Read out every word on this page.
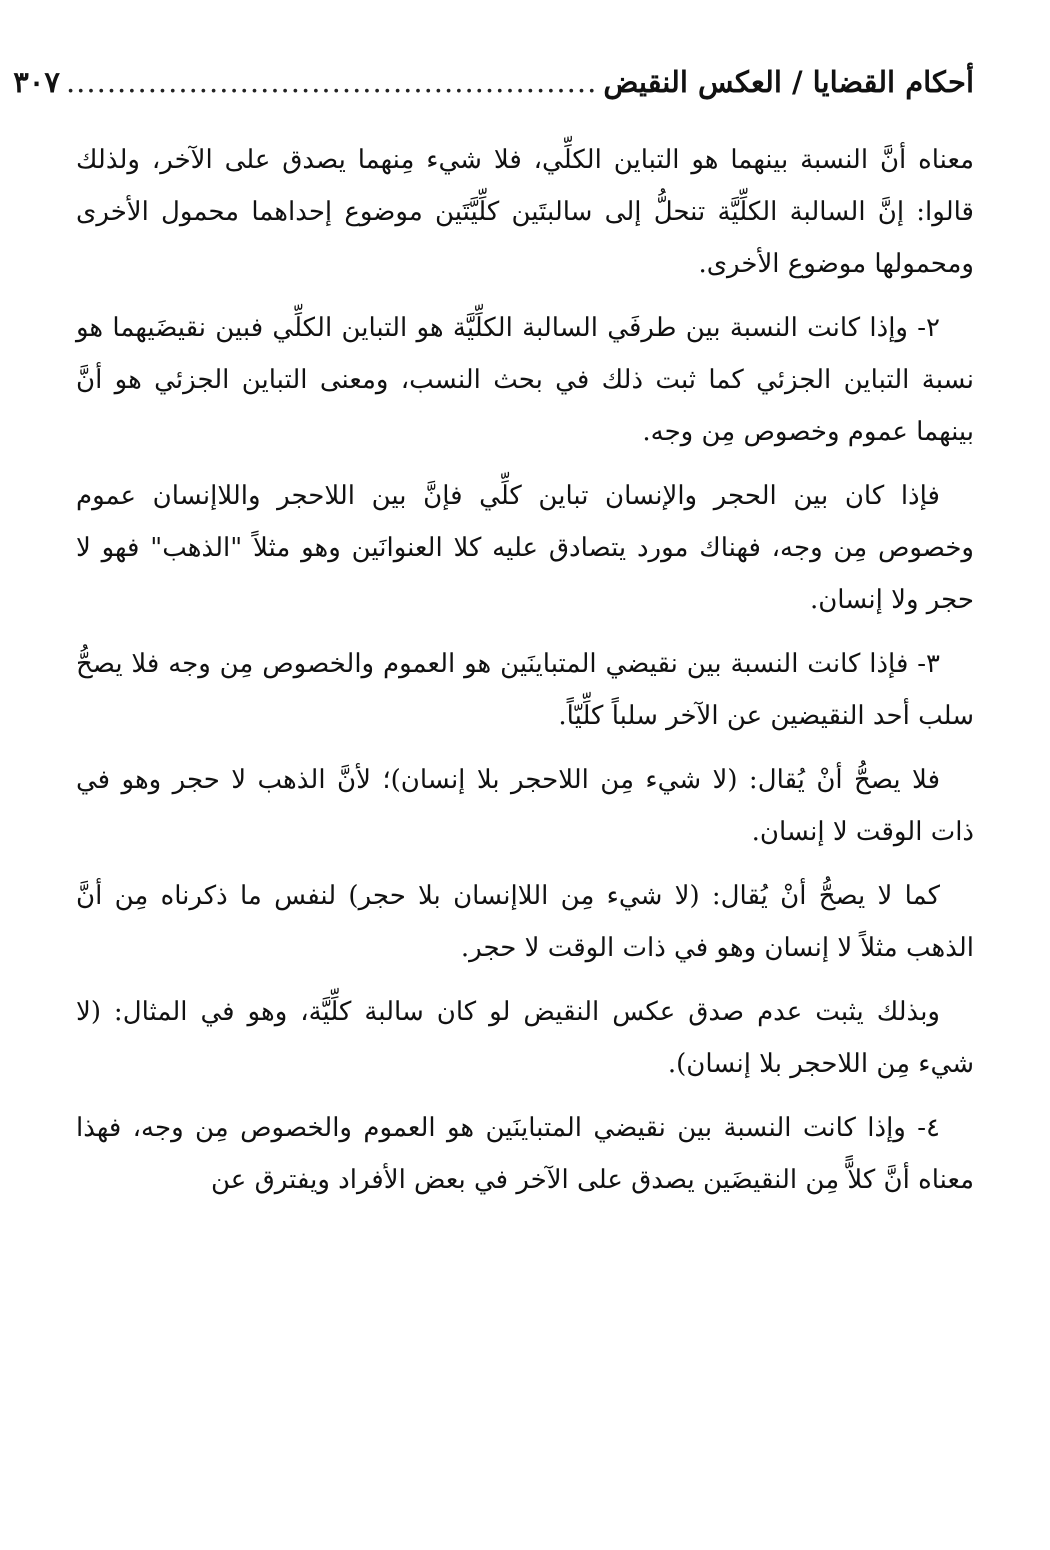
أحكام القضايا / العكس النقيض
....................................................
٣٠٧

معناه أنَّ النسبة بينهما هو التباين الكلِّي، فلا شيء مِنهما يصدق على الآخر، ولذلك قالوا: إنَّ السالبة الكلِّيَّة تنحلُّ إلى سالبتَين كلِّيَّتَين موضوع إحداهما محمول الأخرى ومحمولها موضوع الأخرى.

٢- وإذا كانت النسبة بين طرفَي السالبة الكلِّيَّة هو التباين الكلِّي فبين نقيضَيهما هو نسبة التباين الجزئي كما ثبت ذلك في بحث النسب، ومعنى التباين الجزئي هو أنَّ بينهما عموم وخصوص مِن وجه.

فإذا كان بين الحجر والإنسان تباين كلِّي فإنَّ بين اللاحجر واللاإنسان عموم وخصوص مِن وجه، فهناك مورد يتصادق عليه كلا العنوانَين وهو مثلاً "الذهب" فهو لا حجر ولا إنسان.

٣- فإذا كانت النسبة بين نقيضي المتباينَين هو العموم والخصوص مِن وجه فلا يصحُّ سلب أحد النقيضين عن الآخر سلباً كلِّيّاً.

فلا يصحُّ أنْ يُقال: (لا شيء مِن اللاحجر بلا إنسان)؛ لأنَّ الذهب لا حجر وهو في ذات الوقت لا إنسان.

كما لا يصحُّ أنْ يُقال: (لا شيء مِن اللاإنسان بلا حجر) لنفس ما ذكرناه مِن أنَّ الذهب مثلاً لا إنسان وهو في ذات الوقت لا حجر.

وبذلك يثبت عدم صدق عكس النقيض لو كان سالبة كلِّيَّة، وهو في المثال: (لا شيء مِن اللاحجر بلا إنسان).

٤- وإذا كانت النسبة بين نقيضي المتباينَين هو العموم والخصوص مِن وجه، فهذا معناه أنَّ كلاًّ مِن النقيضَين يصدق على الآخر في بعض الأفراد ويفترق عن
